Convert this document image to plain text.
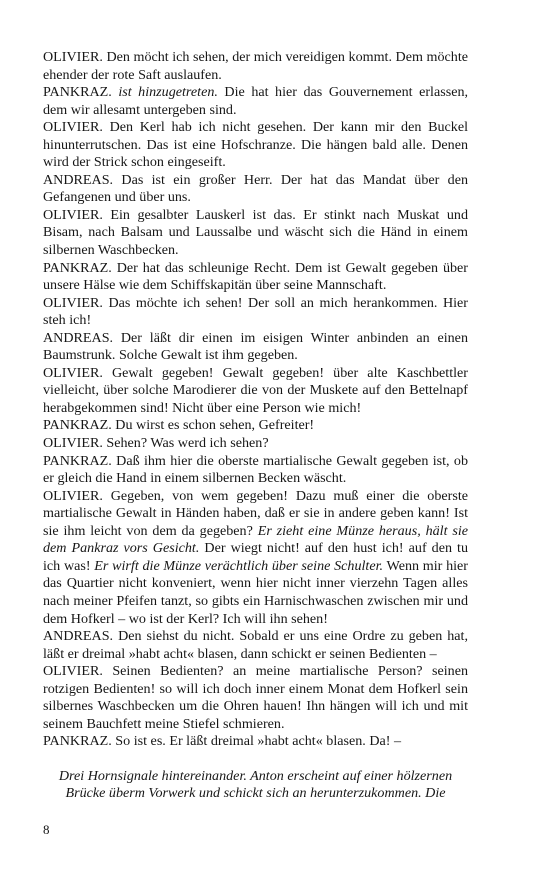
OLIVIER. Den möcht ich sehen, der mich vereidigen kommt. Dem möchte ehender der rote Saft auslaufen.

PANKRAZ. ist hinzugetreten. Die hat hier das Gouvernement erlassen, dem wir allesamt untergeben sind.

OLIVIER. Den Kerl hab ich nicht gesehen. Der kann mir den Buckel hinunterrutschen. Das ist eine Hofschranze. Die hängen bald alle. Denen wird der Strick schon eingeseift.

ANDREAS. Das ist ein großer Herr. Der hat das Mandat über den Gefangenen und über uns.

OLIVIER. Ein gesalbter Lauskerl ist das. Er stinkt nach Muskat und Bisam, nach Balsam und Laussalbe und wäscht sich die Händ in einem silbernen Waschbecken.

PANKRAZ. Der hat das schleunige Recht. Dem ist Gewalt gegeben über unsere Hälse wie dem Schiffskapitän über seine Mannschaft.

OLIVIER. Das möchte ich sehen! Der soll an mich herankommen. Hier steh ich!

ANDREAS. Der läßt dir einen im eisigen Winter anbinden an einen Baumstrunk. Solche Gewalt ist ihm gegeben.

OLIVIER. Gewalt gegeben! Gewalt gegeben! über alte Kaschbettler vielleicht, über solche Marodierer die von der Muskete auf den Bettelnapf herabgekommen sind! Nicht über eine Person wie mich!

PANKRAZ. Du wirst es schon sehen, Gefreiter!

OLIVIER. Sehen? Was werd ich sehen?

PANKRAZ. Daß ihm hier die oberste martialische Gewalt gegeben ist, ob er gleich die Hand in einem silbernen Becken wäscht.

OLIVIER. Gegeben, von wem gegeben! Dazu muß einer die oberste martialische Gewalt in Händen haben, daß er sie in andere geben kann! Ist sie ihm leicht von dem da gegeben? Er zieht eine Münze heraus, hält sie dem Pankraz vors Gesicht. Der wiegt nicht! auf den hust ich! auf den tu ich was! Er wirft die Münze verächtlich über seine Schulter. Wenn mir hier das Quartier nicht konveniert, wenn hier nicht inner vierzehn Tagen alles nach meiner Pfeifen tanzt, so gibts ein Harnischwaschen zwischen mir und dem Hofkerl – wo ist der Kerl? Ich will ihn sehen!

ANDREAS. Den siehst du nicht. Sobald er uns eine Ordre zu geben hat, läßt er dreimal »habt acht« blasen, dann schickt er seinen Bedienten –

OLIVIER. Seinen Bedienten? an meine martialische Person? seinen rotzigen Bedienten! so will ich doch inner einem Monat dem Hofkerl sein silbernes Waschbecken um die Ohren hauen! Ihn hängen will ich und mit seinem Bauchfett meine Stiefel schmieren.

PANKRAZ. So ist es. Er läßt dreimal »habt acht« blasen. Da! –

Drei Hornsignale hintereinander. Anton erscheint auf einer hölzernen Brücke überm Vorwerk und schickt sich an herunterzukommen. Die

8
